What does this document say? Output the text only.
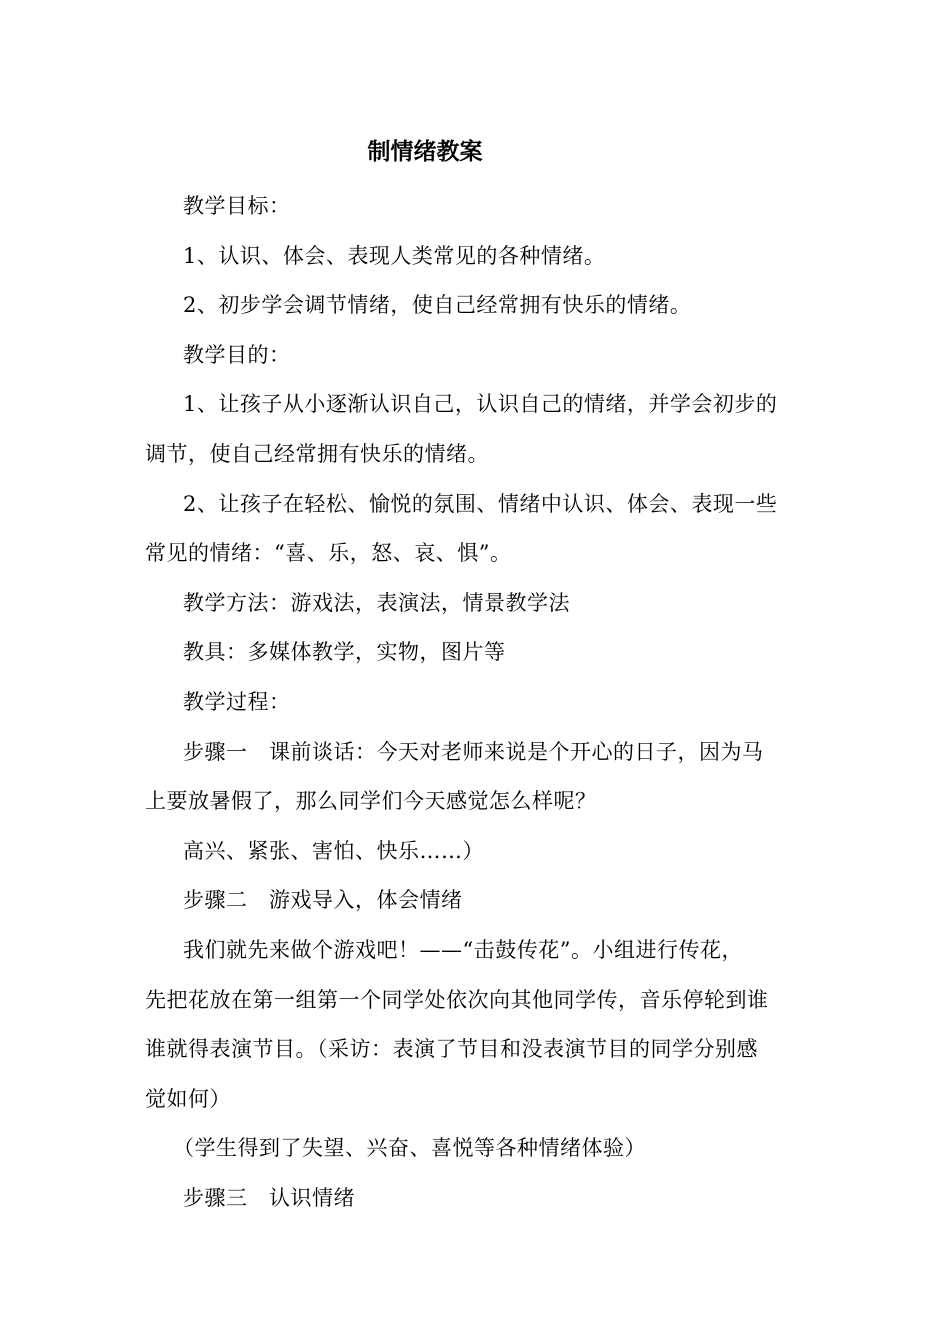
制情绪教案

教学目标：

1、认识、体会、表现人类常见的各种情绪。

2、初步学会调节情绪，使自己经常拥有快乐的情绪。

教学目的：

1、让孩子从小逐渐认识自己，认识自己的情绪，并学会初步的

调节，使自己经常拥有快乐的情绪。

2、让孩子在轻松、愉悦的氛围、情绪中认识、体会、表现一些

常见的情绪：“喜、乐，怒、哀、惧”。

教学方法：游戏法，表演法，情景教学法

教具：多媒体教学，实物，图片等

教学过程：

步骤一　课前谈话：今天对老师来说是个开心的日子，因为马

上要放暑假了，那么同学们今天感觉怎么样呢？

高兴、紧张、害怕、快乐……）

步骤二　游戏导入，体会情绪

我们就先来做个游戏吧！——“击鼓传花”。小组进行传花，

先把花放在第一组第一个同学处依次向其他同学传，音乐停轮到谁

谁就得表演节目。（采访：表演了节目和没表演节目的同学分别感

觉如何）

（学生得到了失望、兴奋、喜悦等各种情绪体验）

步骤三　认识情绪
